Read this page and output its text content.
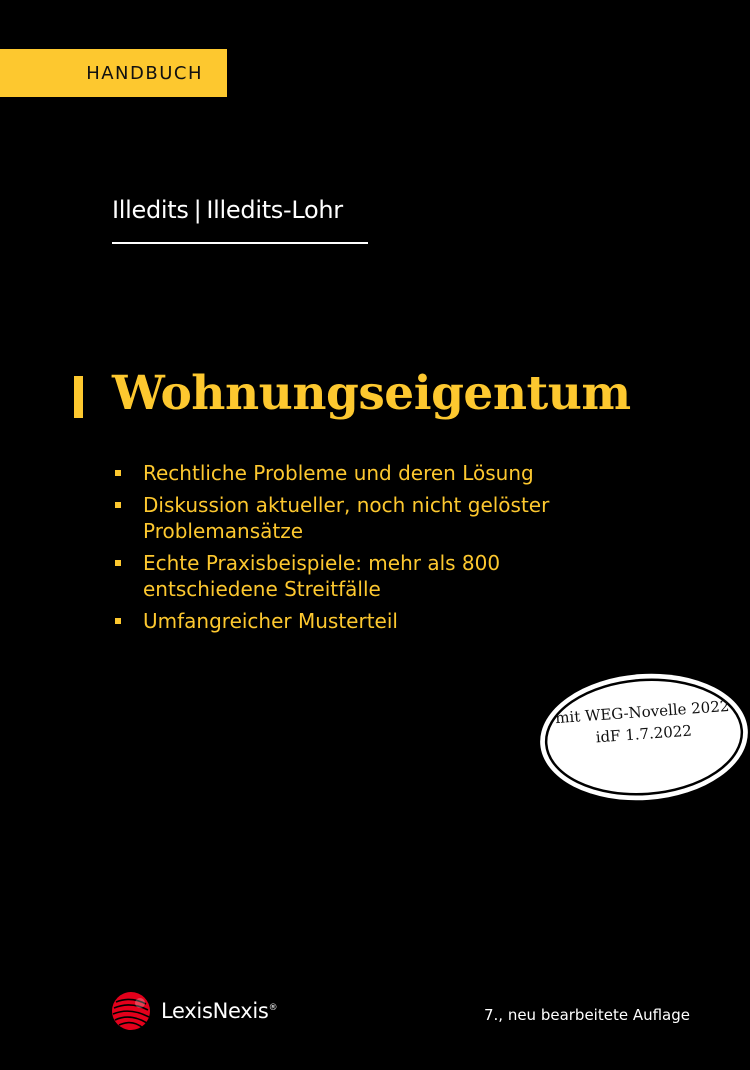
HANDBUCH
Illedits | Illedits-Lohr
Wohnungseigentum
Rechtliche Probleme und deren Lösung
Diskussion aktueller, noch nicht gelöster
Problemansätze
Echte Praxisbeispiele: mehr als 800
entschiedene Streitfälle
Umfangreicher Musterteil
mit WEG-Novelle 2022
idF 1.7.2022
LexisNexis®	7., neu bearbeitete Auflage
